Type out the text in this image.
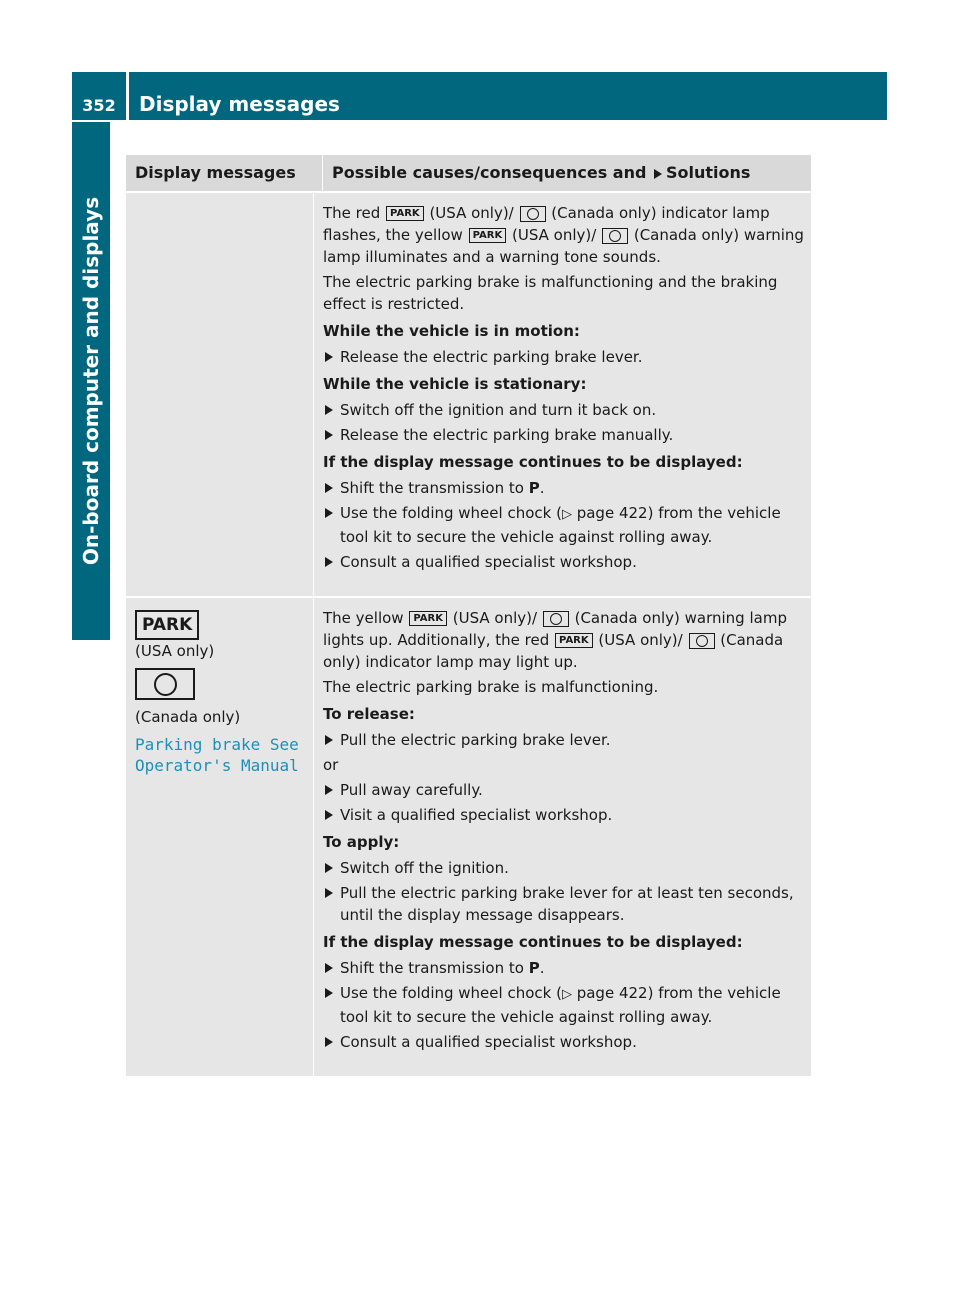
352	Display messages
On-board computer and displays
Display messages	Possible causes/consequences and Solutions

The red PARK (USA only)/	(Canada only) indicator lamp flashes, the yellow PARK (USA only)/	(Canada only) warning lamp illuminates and a warning tone sounds.

The electric parking brake is malfunctioning and the braking effect is restricted.

While the vehicle is in motion:

Release the electric parking brake lever.

While the vehicle is stationary:

Switch off the ignition and turn it back on.
Release the electric parking brake manually.

If the display message continues to be displayed:

Shift the transmission to P.
Use the folding wheel chock (▷ page 422) from the vehicle tool kit to secure the vehicle against rolling away.
Consult a qualified specialist workshop.
PARK
(USA only)
(Canada only)
Parking brake See
Operator's Manual

The yellow PARK (USA only)/	(Canada only) warning lamp lights up. Additionally, the red PARK (USA only)/	(Canada only) indicator lamp may light up.

The electric parking brake is malfunctioning.

To release:

Pull the electric parking brake lever.

or

Pull away carefully.
Visit a qualified specialist workshop.

To apply:

Switch off the ignition.
Pull the electric parking brake lever for at least ten seconds, until the display message disappears.

If the display message continues to be displayed:

Shift the transmission to P.
Use the folding wheel chock (▷ page 422) from the vehicle tool kit to secure the vehicle against rolling away.
Consult a qualified specialist workshop.
